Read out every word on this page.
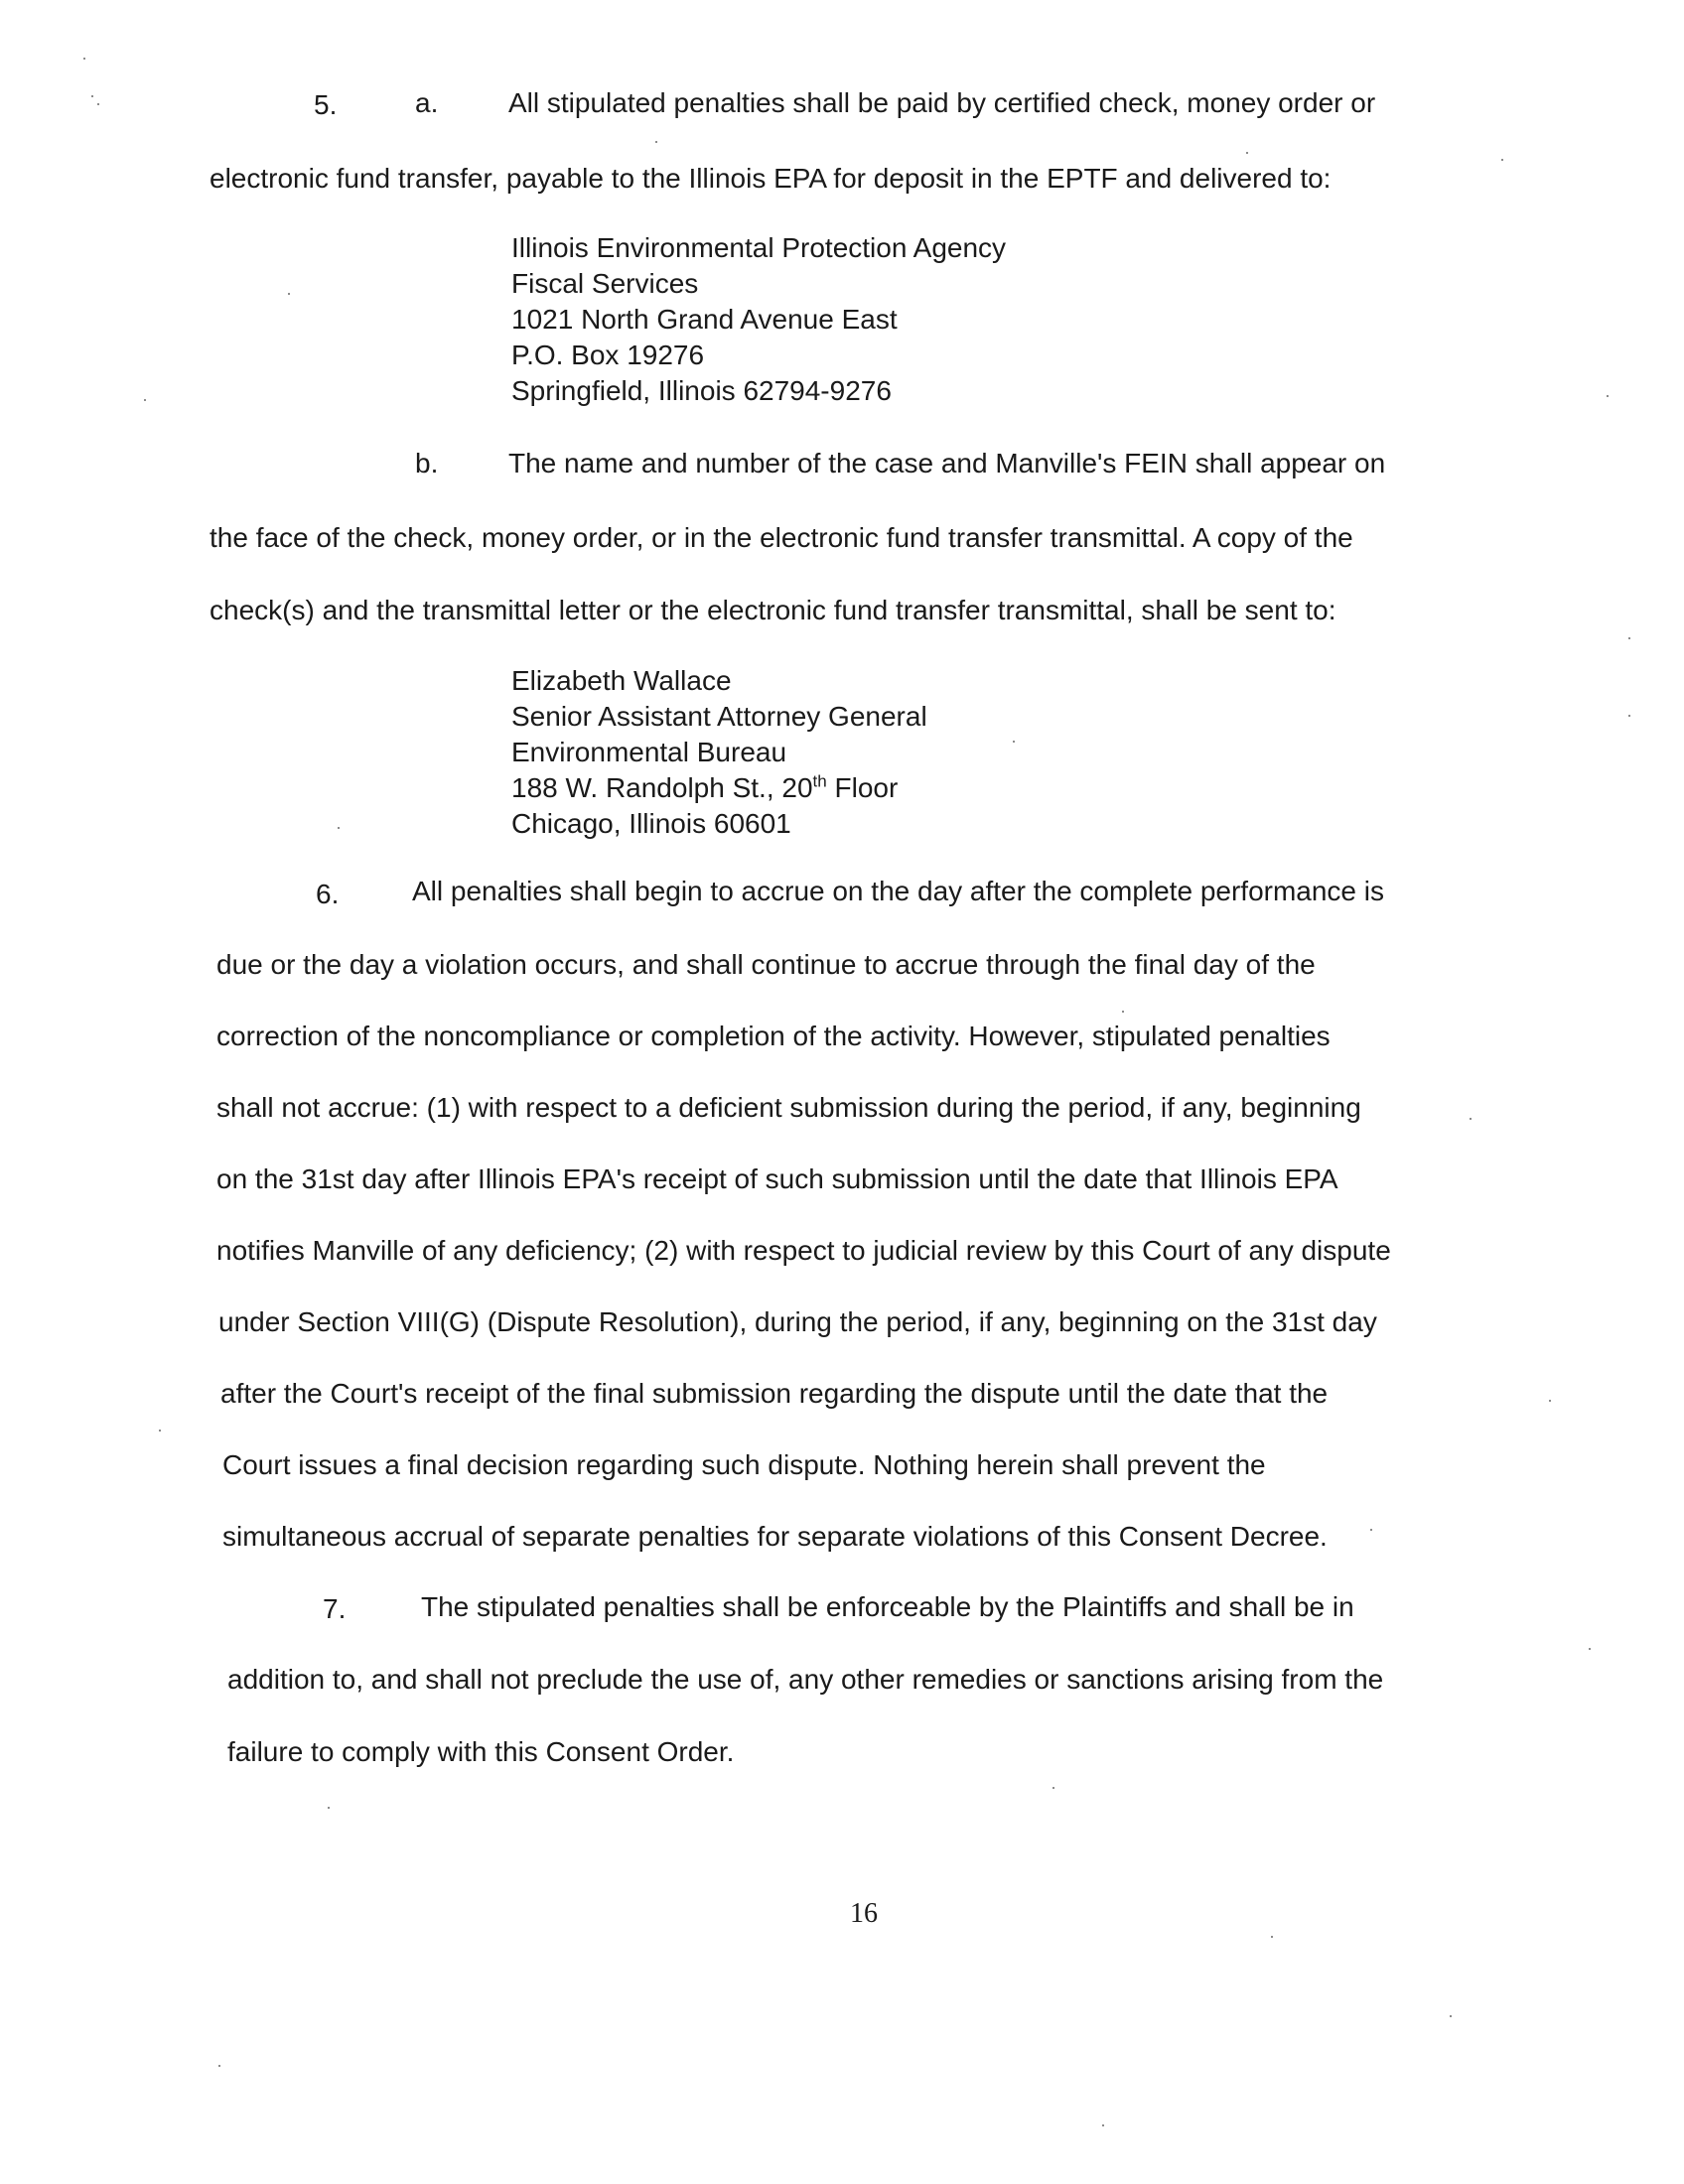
5.	a.	All stipulated penalties shall be paid by certified check, money order or
electronic fund transfer, payable to the Illinois EPA for deposit in the EPTF and delivered to:
Illinois Environmental Protection Agency
Fiscal Services
1021 North Grand Avenue East
P.O. Box 19276
Springfield, Illinois 62794-9276
b.	The name and number of the case and Manville's FEIN shall appear on
the face of the check, money order, or in the electronic fund transfer transmittal. A copy of the
check(s) and the transmittal letter or the electronic fund transfer transmittal, shall be sent to:
Elizabeth Wallace
Senior Assistant Attorney General
Environmental Bureau
188 W. Randolph St., 20th Floor
Chicago, Illinois 60601
6.	All penalties shall begin to accrue on the day after the complete performance is
due or the day a violation occurs, and shall continue to accrue through the final day of the
correction of the noncompliance or completion of the activity. However, stipulated penalties
shall not accrue: (1) with respect to a deficient submission during the period, if any, beginning
on the 31st day after Illinois EPA's receipt of such submission until the date that Illinois EPA
notifies Manville of any deficiency; (2) with respect to judicial review by this Court of any dispute
under Section VIII(G) (Dispute Resolution), during the period, if any, beginning on the 31st day
after the Court's receipt of the final submission regarding the dispute until the date that the
Court issues a final decision regarding such dispute. Nothing herein shall prevent the
simultaneous accrual of separate penalties for separate violations of this Consent Decree.
7.	The stipulated penalties shall be enforceable by the Plaintiffs and shall be in
addition to, and shall not preclude the use of, any other remedies or sanctions arising from the
failure to comply with this Consent Order.
16
